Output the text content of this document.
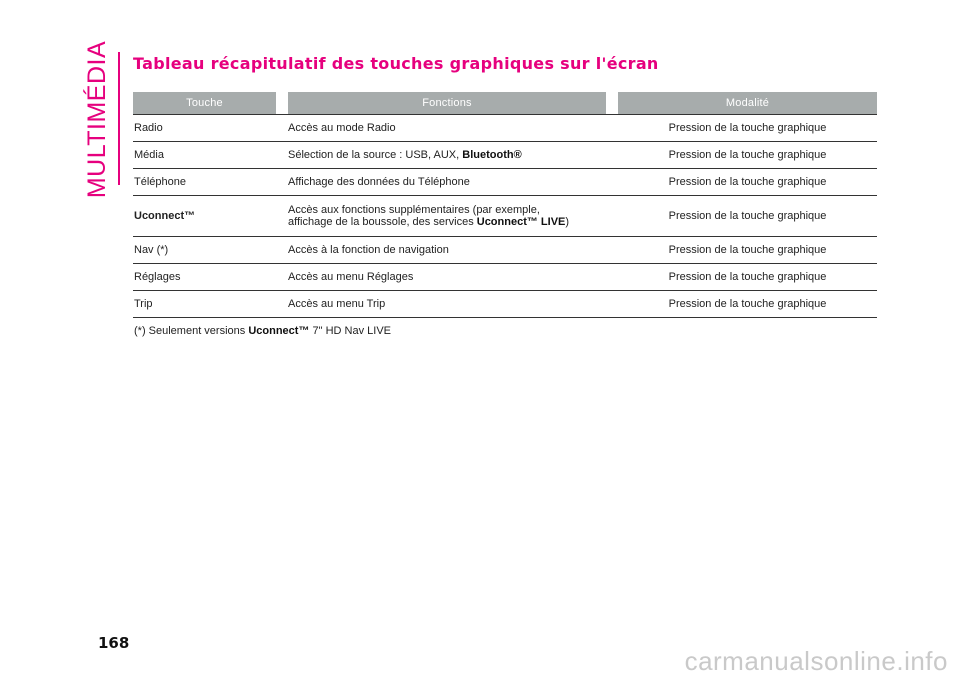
MULTIMÉDIA Tableau récapitulatif des touches graphiques sur l'écran
Touche		Fonctions		Modalité
Radio		Accès au mode Radio		Pression de la touche graphique
Média		Sélection de la source : USB, AUX, Bluetooth®		Pression de la touche graphique
Téléphone		Affichage des données du Téléphone		Pression de la touche graphique
Uconnect™		Accès aux fonctions supplémentaires (par exemple,
affichage de la boussole, des services Uconnect™ LIVE)		Pression de la touche graphique
Nav (*)		Accès à la fonction de navigation		Pression de la touche graphique
Réglages		Accès au menu Réglages		Pression de la touche graphique
Trip		Accès au menu Trip		Pression de la touche graphique
(*) Seulement versions Uconnect™ 7" HD Nav LIVE
168
carmanualsonline.info
